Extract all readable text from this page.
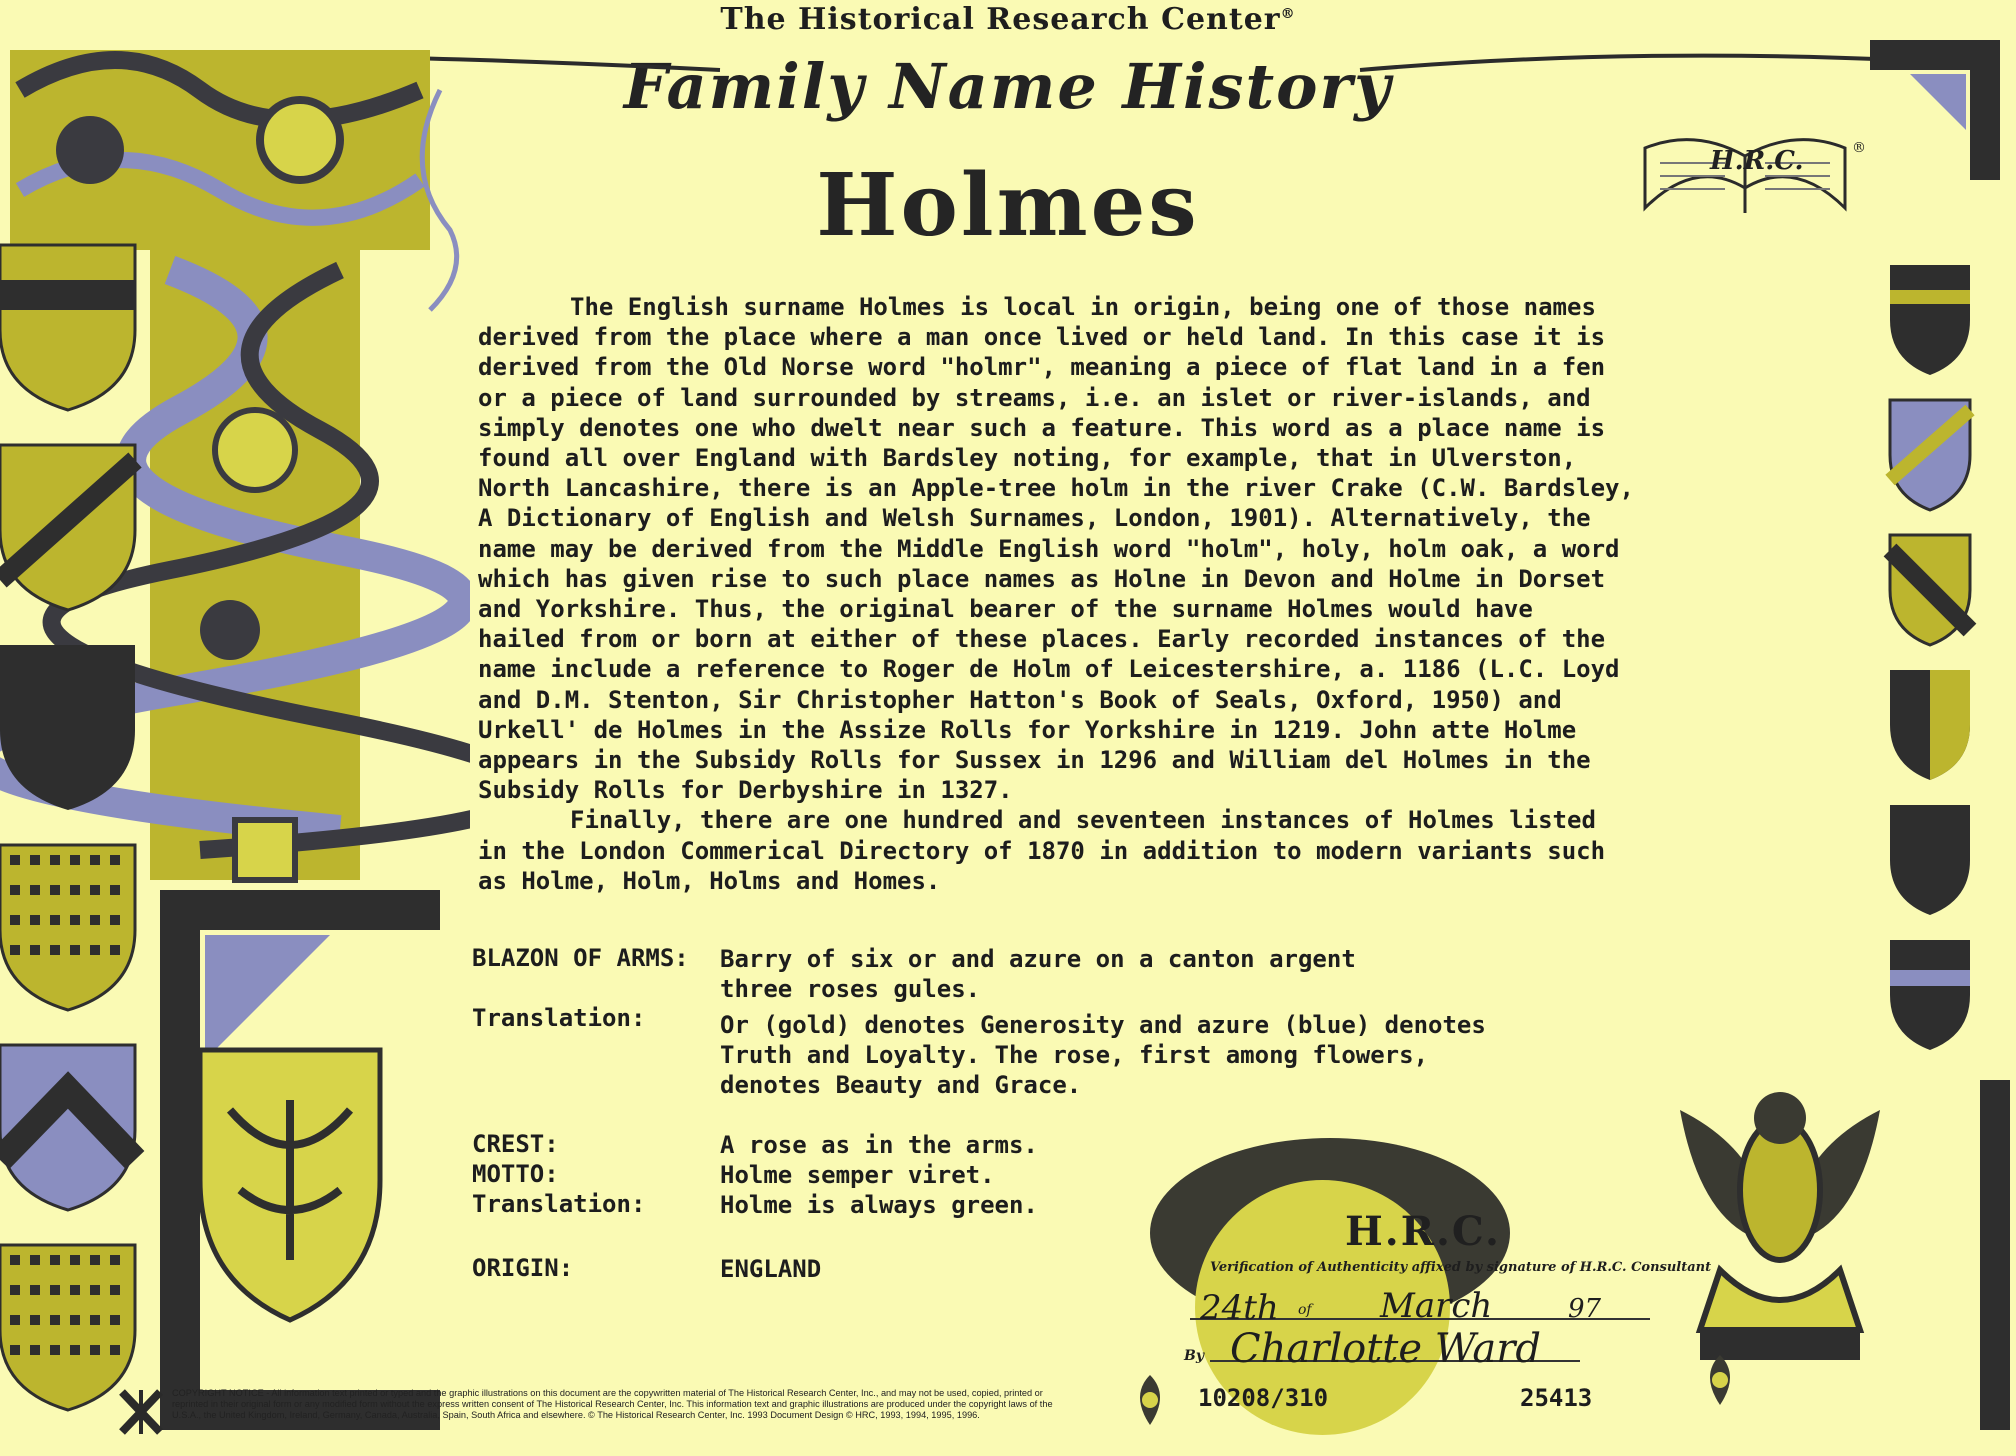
The Historical Research Center®
Family Name History
Holmes	H.R.C.	®

The English surname Holmes is local in origin, being one of those names
derived from the place where a man once lived or held land. In this case it is
derived from the Old Norse word "holmr", meaning a piece of flat land in a fen
or a piece of land surrounded by streams, i.e. an islet or river-islands, and
simply denotes one who dwelt near such a feature. This word as a place name is
found all over England with Bardsley noting, for example, that in Ulverston,
North Lancashire, there is an Apple-tree holm in the river Crake (C.W. Bardsley,
A Dictionary of English and Welsh Surnames, London, 1901). Alternatively, the
name may be derived from the Middle English word "holm", holy, holm oak, a word
which has given rise to such place names as Holne in Devon and Holme in Dorset
and Yorkshire. Thus, the original bearer of the surname Holmes would have
hailed from or born at either of these places. Early recorded instances of the
name include a reference to Roger de Holm of Leicestershire, a. 1186 (L.C. Loyd
and D.M. Stenton, Sir Christopher Hatton's Book of Seals, Oxford, 1950) and
Urkell' de Holmes in the Assize Rolls for Yorkshire in 1219. John atte Holme
appears in the Subsidy Rolls for Sussex in 1296 and William del Holmes in the
Subsidy Rolls for Derbyshire in 1327.

Finally, there are one hundred and seventeen instances of Holmes listed
in the London Commerical Directory of 1870 in addition to modern variants such
as Holme, Holm, Holms and Homes.

BLAZON OF ARMS: Barry of six or and azure on a canton argent
three roses gules.
Translation:	Or (gold) denotes Generosity and azure (blue) denotes
Truth and Loyalty. The rose, first among flowers,
denotes Beauty and Grace.
CREST:	A rose as in the arms.
MOTTO:	Holme semper viret.
Translation:	Holme is always green.
ORIGIN:	ENGLAND
H.R.C.
Verification of Authenticity affixed by signature of H.R.C. Consultant
24th of March	97
By Charlotte Ward
10208/310	25413
COPYRIGHT NOTICE - All information text printed or typed and the graphic illustrations on this document are the copywritten material of The Historical Research Center, Inc., and may not be used, copied, printed or reprinted in their original form or any modified form without the express written consent of The Historical Research Center, Inc. This information text and graphic illustrations are produced under the copyright laws of the U.S.A., the United Kingdom, Ireland, Germany, Canada, Australia, Spain, South Africa and elsewhere. © The Historical Research Center, Inc. 1993 Document Design © HRC, 1993, 1994, 1995, 1996.
